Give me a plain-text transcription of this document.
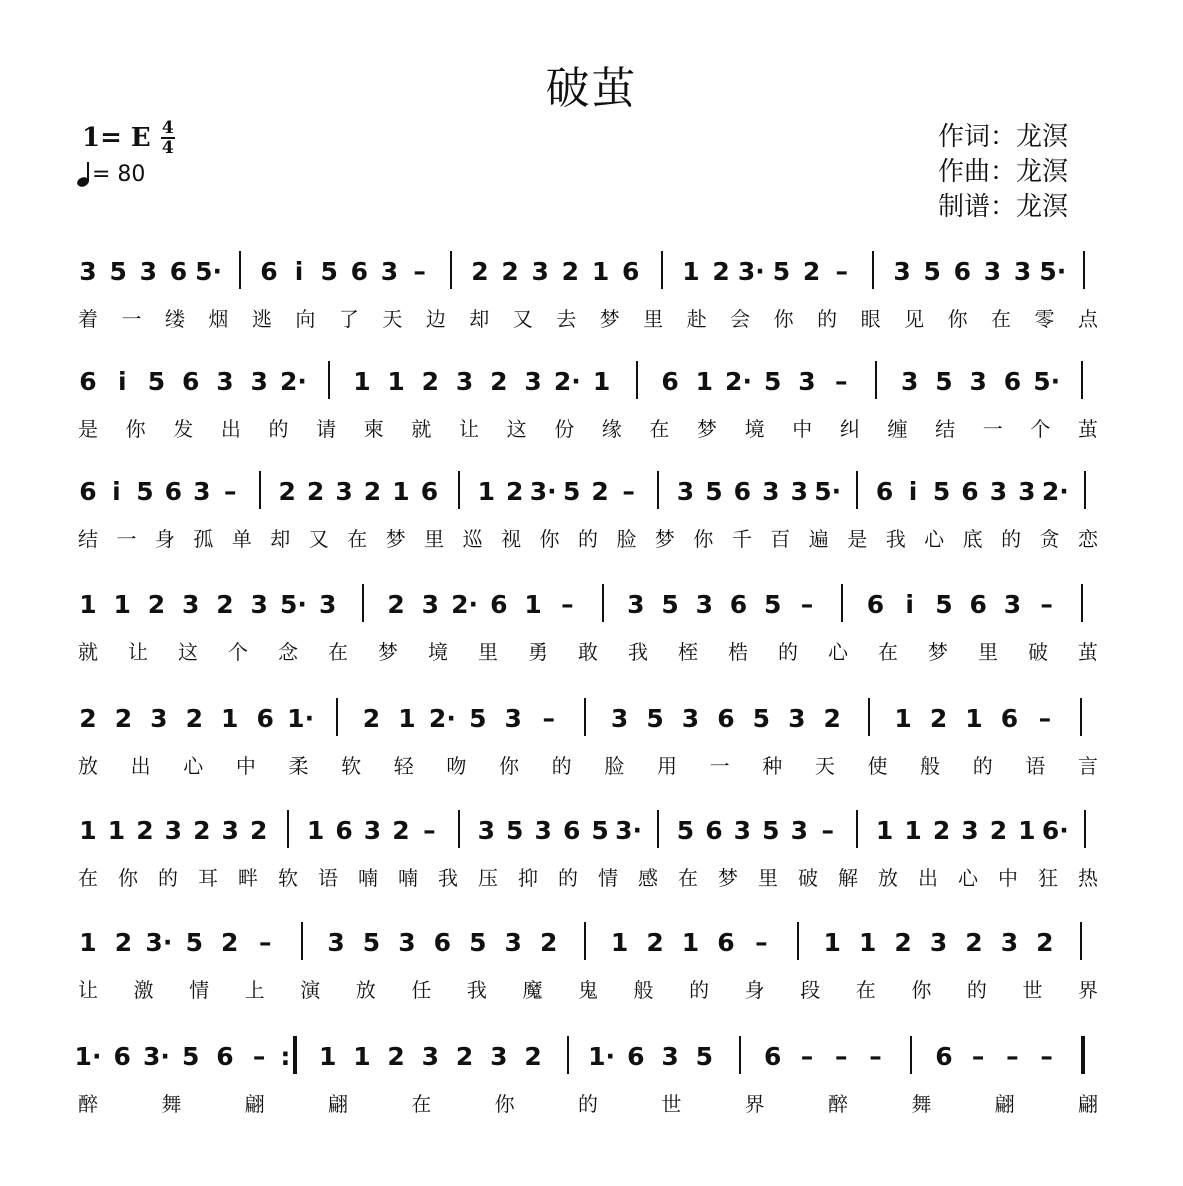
破茧
1= E 4
4
= 80
作词：龙溟
作曲：龙溟
制谱：龙溟
3 5 3 6 5· 6 i 5 6 3 – 2 2 3 2 1 6 1 2 3· 5 2 – 3 5 6 3 3 5·
着 一 缕 烟 逃 向 了 天 边 却 又 去 梦 里 赴 会 你 的 眼 见 你 在 零 点
6 i 5 6 3 3 2· 1 1 2 3 2 3 2· 1 6 1 2· 5 3 – 3 5 3 6 5·
是 你 发 出 的 请 柬 就 让 这 份 缘 在 梦 境 中 纠 缠 结 一 个 茧
6 i 5 6 3 – 2 2 3 2 1 6 1 2 3· 5 2 – 3 5 6 3 3 5· 6 i 5 6 3 3 2·
结 一 身 孤 单 却 又 在 梦 里 巡 视 你 的 脸 梦 你 千 百 遍 是 我 心 底 的 贪 恋
1 1 2 3 2 3 5· 3 2 3 2· 6 1 – 3 5 3 6 5 – 6 i 5 6 3 –
就 让 这 个 念 在 梦 境 里 勇 敢 我 桎 梏 的 心 在 梦 里 破 茧
2 2 3 2 1 6 1· 2 1 2· 5 3 – 3 5 3 6 5 3 2 1 2 1 6 –
放 出 心 中 柔 软 轻 吻 你 的 脸 用 一 种 天 使 般 的 语 言
1 1 2 3 2 3 2 1 6 3 2 – 3 5 3 6 5 3· 5 6 3 5 3 – 1 1 2 3 2 1 6·
在 你 的 耳 畔 软 语 喃 喃 我 压 抑 的 情 感 在 梦 里 破 解 放 出 心 中 狂 热
1 2 3· 5 2 – 3 5 3 6 5 3 2 1 2 1 6 – 1 1 2 3 2 3 2
让 激 情 上 演 放 任 我 魔 鬼 般 的 身 段 在 你 的 世 界
1· 6 3· 5 6 – : 1 1 2 3 2 3 2 1· 6 3 5 6 – – – 6 – – –
醉	舞	翩	翩	在	你	的	世	界	醉	舞	翩	翩
